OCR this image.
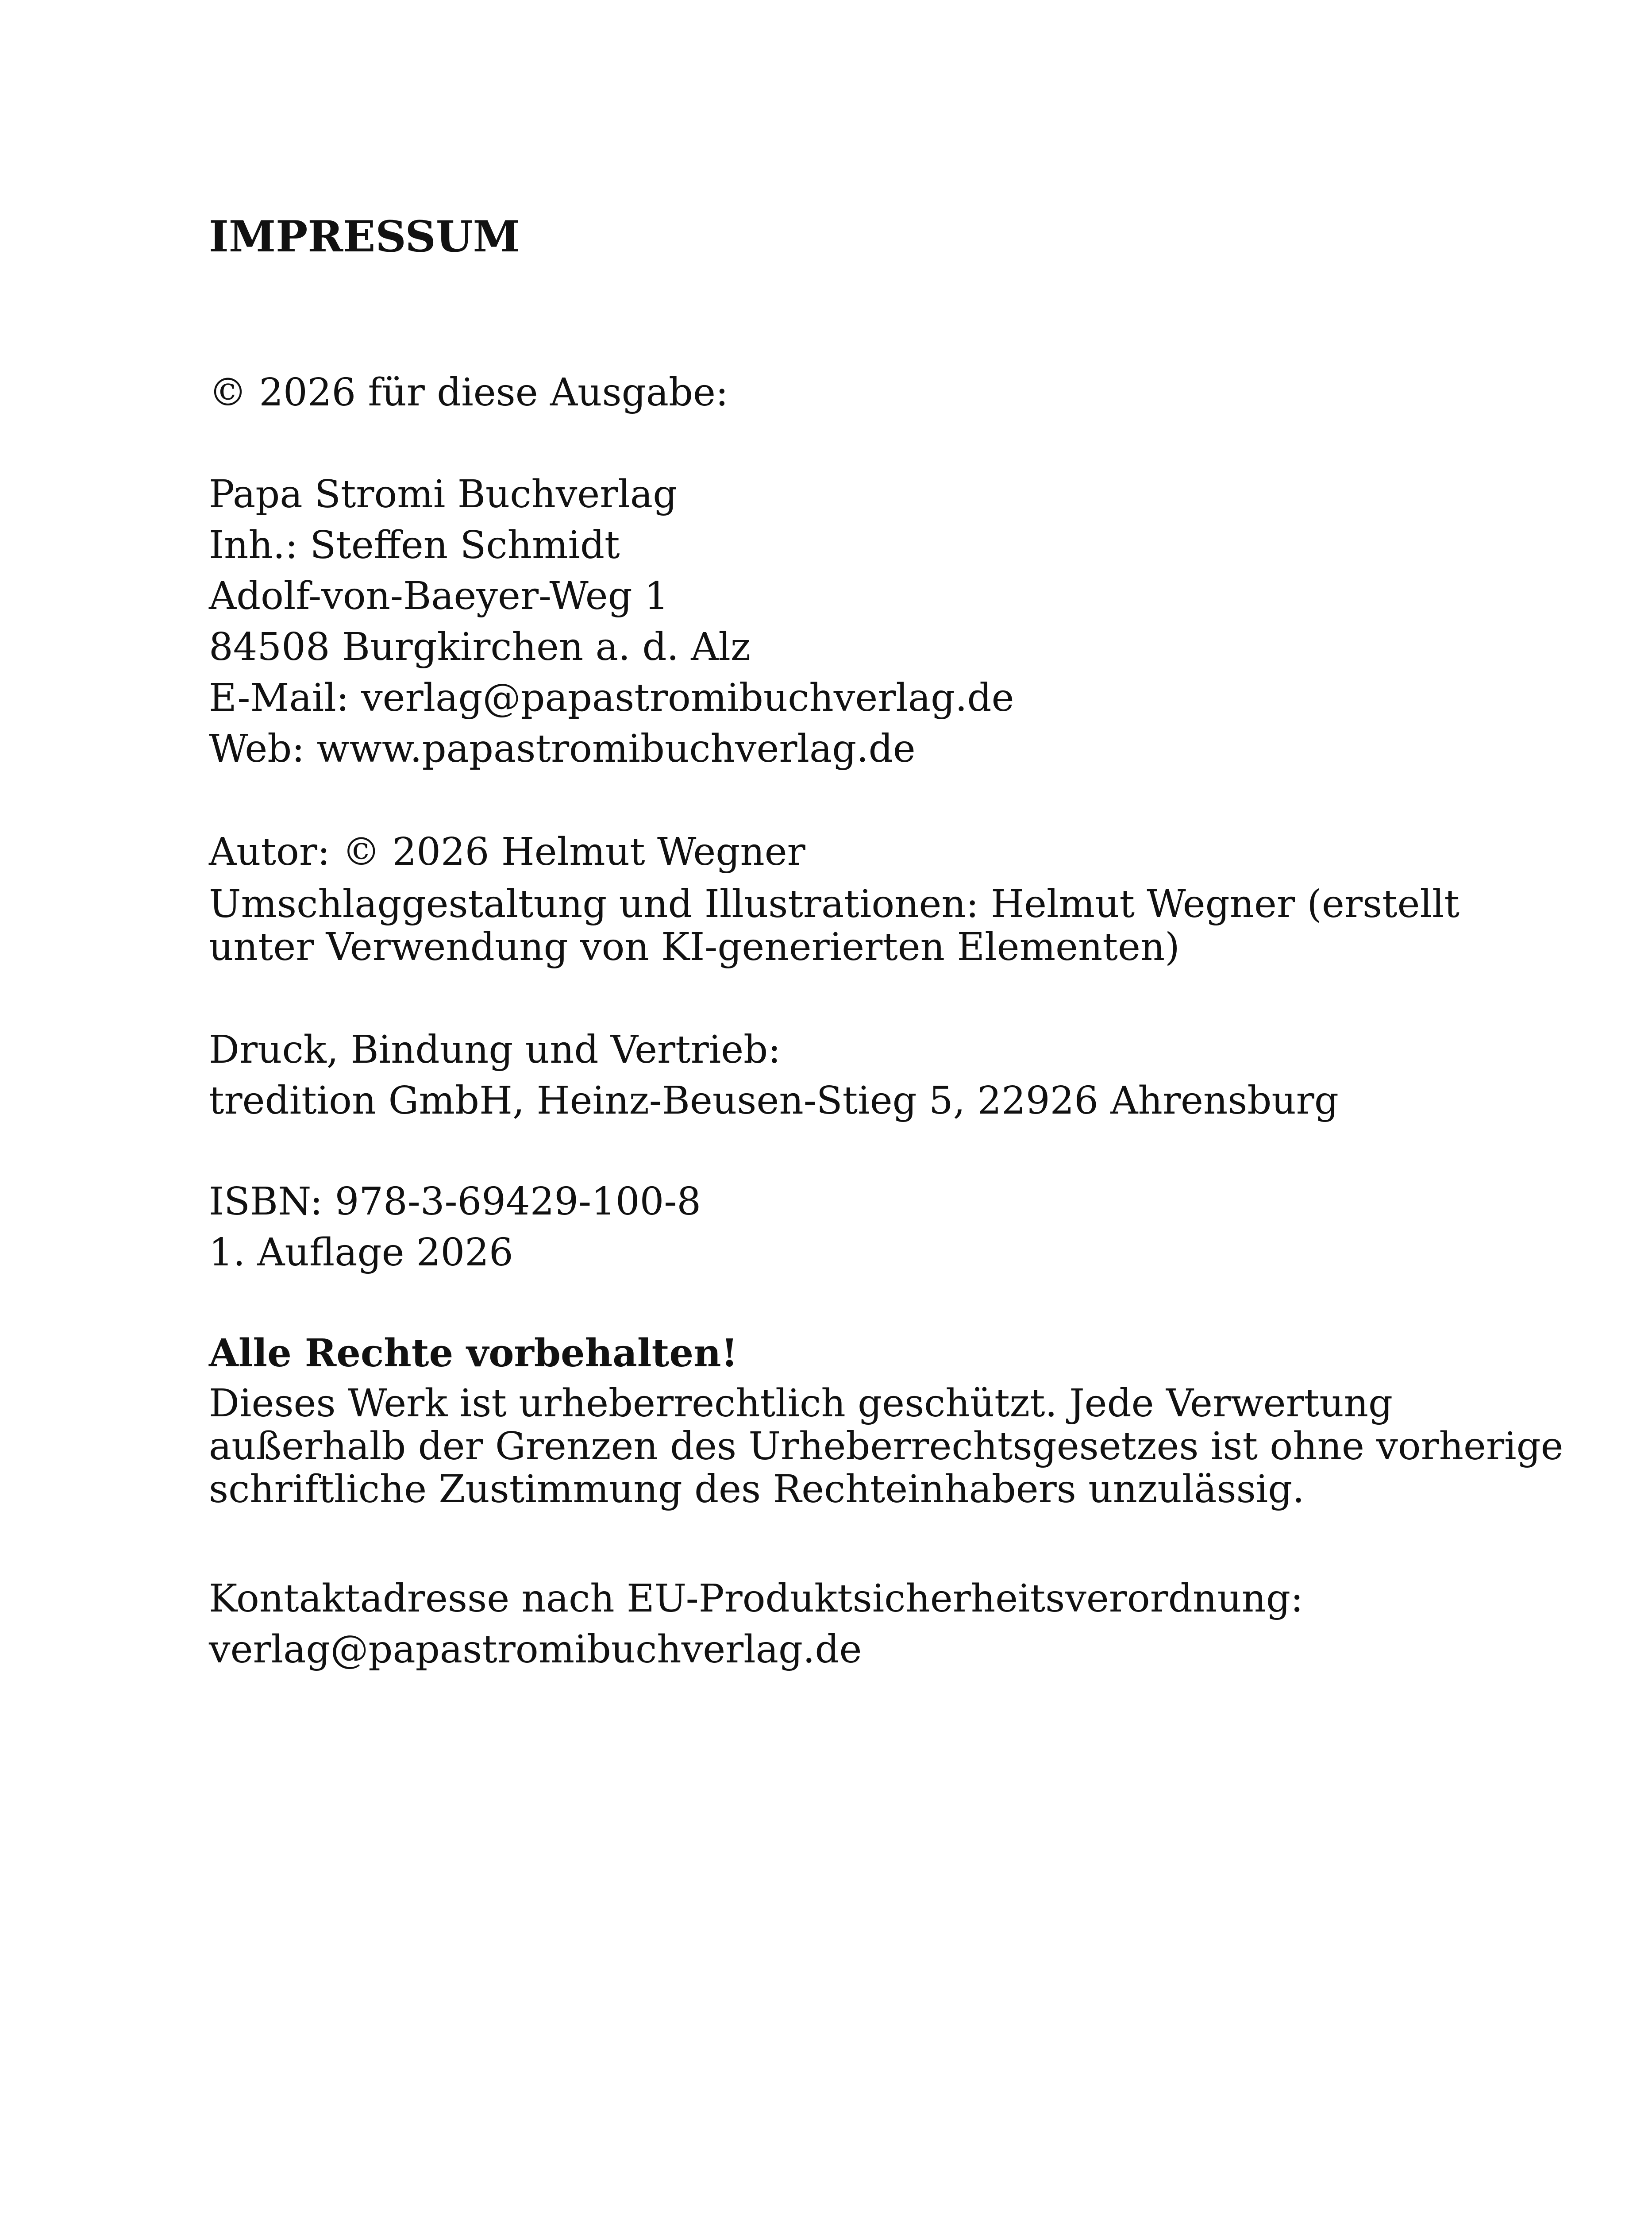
IMPRESSUM
© 2026 für diese Ausgabe:
Papa Stromi Buchverlag
Inh.: Steffen Schmidt
Adolf-von-Baeyer-Weg 1
84508 Burgkirchen a. d. Alz
E-Mail: verlag@papastromibuchverlag.de
Web: www.papastromibuchverlag.de
Autor: © 2026 Helmut Wegner
Umschlaggestaltung und Illustrationen: Helmut Wegner (erstellt
unter Verwendung von KI-generierten Elementen)
Druck, Bindung und Vertrieb:
tredition GmbH, Heinz-Beusen-Stieg 5, 22926 Ahrensburg
ISBN: 978-3-69429-100-8
1. Auflage 2026
Alle Rechte vorbehalten!
Dieses Werk ist urheberrechtlich geschützt. Jede Verwertung
außerhalb der Grenzen des Urheberrechtsgesetzes ist ohne vorherige
schriftliche Zustimmung des Rechteinhabers unzulässig.
Kontaktadresse nach EU-Produktsicherheitsverordnung:
verlag@papastromibuchverlag.de
